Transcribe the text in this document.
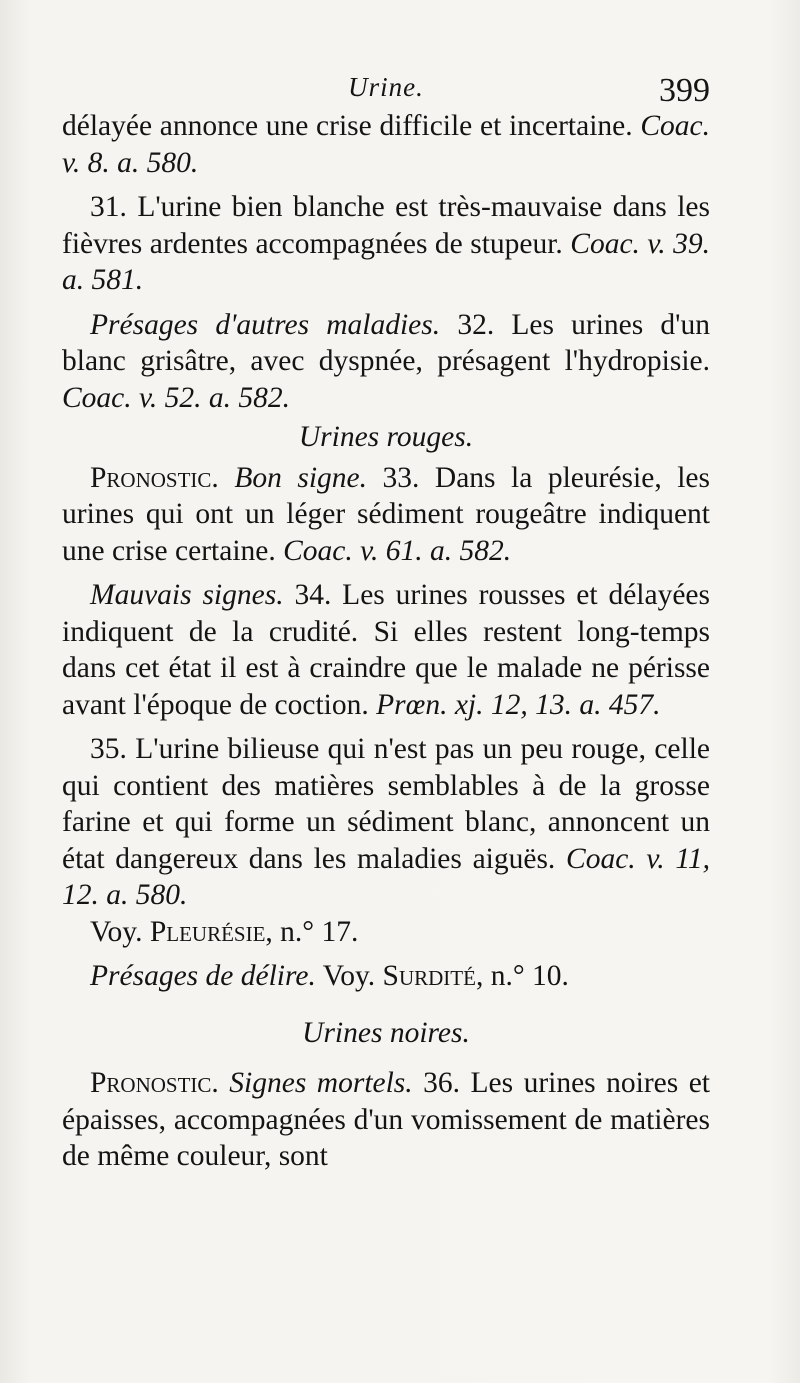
Urine.	399

délayée annonce une crise difficile et incertaine. Coac. v. 8. a. 580.

31. L'urine bien blanche est très-mauvaise dans les fièvres ardentes accompagnées de stupeur. Coac. v. 39. a. 581.

Présages d'autres maladies. 32. Les urines d'un blanc grisâtre, avec dyspnée, présagent l'hydropisie. Coac. v. 52. a. 582.

Urines rouges.

Pronostic. Bon signe. 33. Dans la pleurésie, les urines qui ont un léger sédiment rougeâtre indiquent une crise certaine. Coac. v. 61. a. 582.

Mauvais signes. 34. Les urines rousses et délayées indiquent de la crudité. Si elles restent long-temps dans cet état il est à craindre que le malade ne périsse avant l'époque de coction. Prœn. xj. 12, 13. a. 457.

35. L'urine bilieuse qui n'est pas un peu rouge, celle qui contient des matières semblables à de la grosse farine et qui forme un sédiment blanc, annoncent un état dangereux dans les maladies aiguës. Coac. v. 11, 12. a. 580.

Voy. Pleurésie, n.° 17.

Présages de délire. Voy. Surdité, n.° 10.

Urines noires.

Pronostic. Signes mortels. 36. Les urines noires et épaisses, accompagnées d'un vomissement de matières de même couleur, sont
